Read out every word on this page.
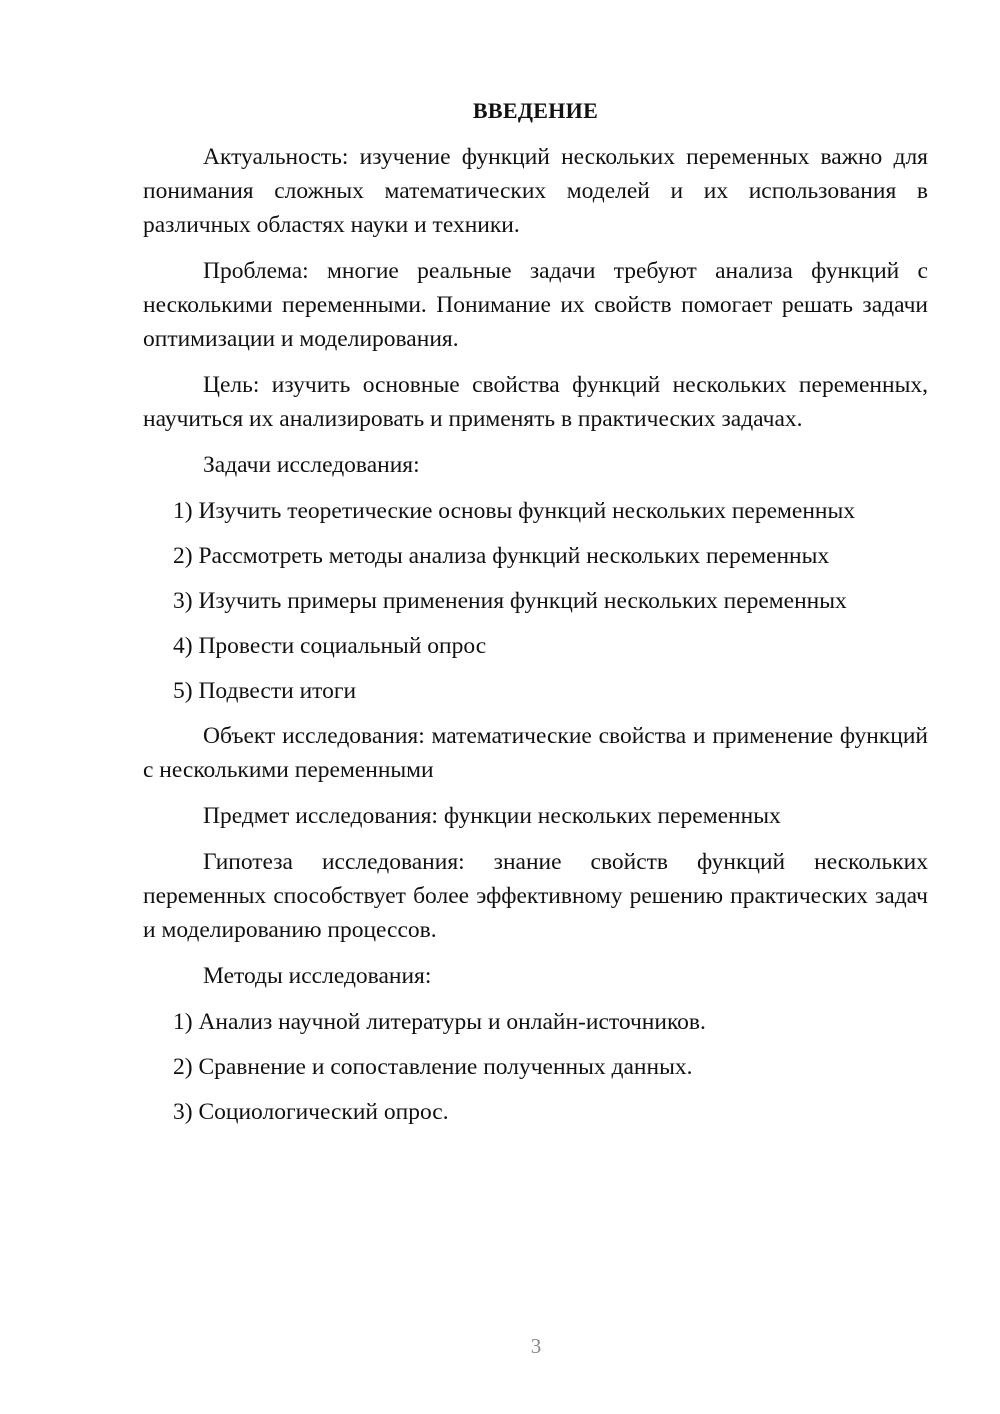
ВВЕДЕНИЕ

Актуальность: изучение функций нескольких переменных важно для понимания сложных математических моделей и их использования в различных областях науки и техники.

Проблема: многие реальные задачи требуют анализа функций с несколькими переменными. Понимание их свойств помогает решать задачи оптимизации и моделирования.

Цель: изучить основные свойства функций нескольких переменных, научиться их анализировать и применять в практических задачах.

Задачи исследования:

1) Изучить теоретические основы функций нескольких переменных

2) Рассмотреть методы анализа функций нескольких переменных

3) Изучить примеры применения функций нескольких переменных

4) Провести социальный опрос

5) Подвести итоги

Объект исследования: математические свойства и применение функций с несколькими переменными

Предмет исследования: функции нескольких переменных

Гипотеза исследования: знание свойств функций нескольких переменных способствует более эффективному решению практических задач и моделированию процессов.

Методы исследования:

1) Анализ научной литературы и онлайн-источников.

2) Сравнение и сопоставление полученных данных.

3) Социологический опрос.

3
